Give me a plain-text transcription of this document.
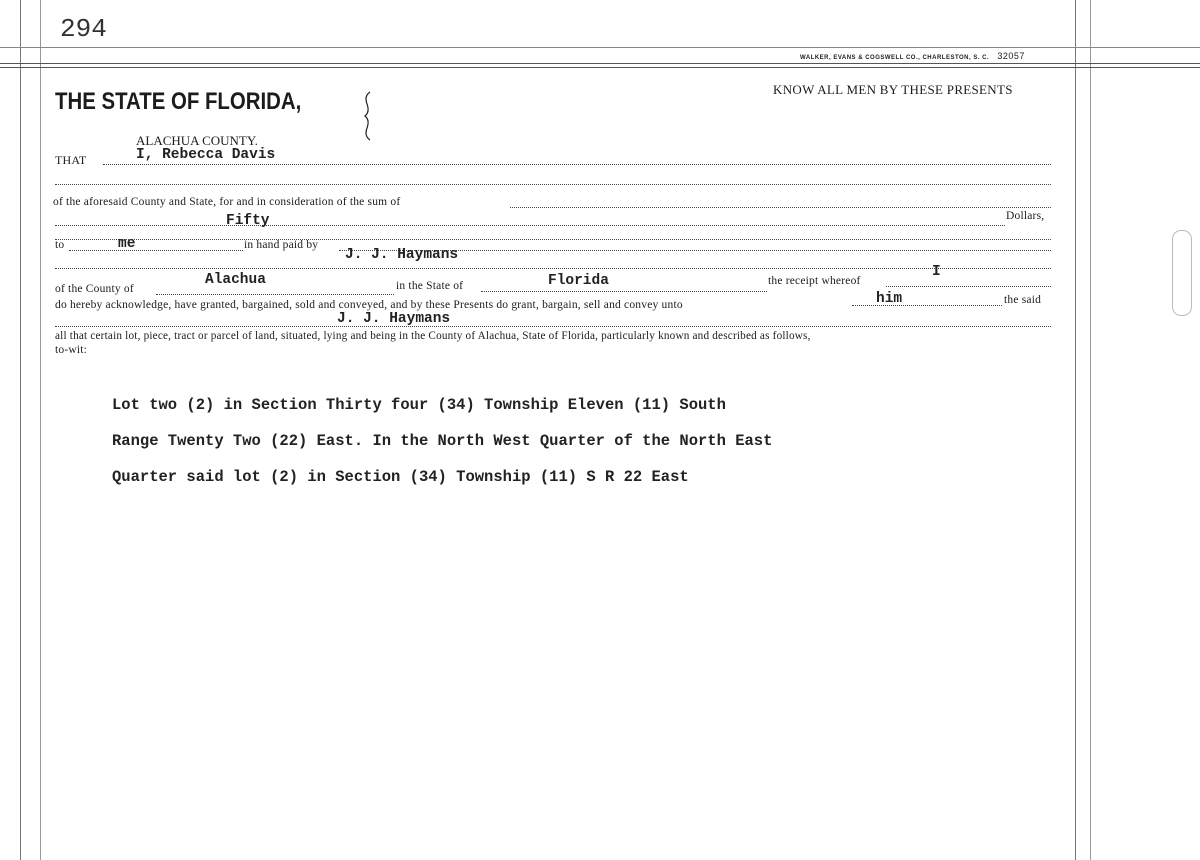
294
WALKER, EVANS & COGSWELL CO., CHARLESTON, S. C. 32057
THE STATE OF FLORIDA,
ALACHUA COUNTY.
KNOW ALL MEN BY THESE PRESENTS
THAT	I, Rebecca Davis
of the aforesaid County and State, for and in consideration of the sum of
Fifty	Dollars,
to	me	in hand paid by
J. J. Haymans
of the County of
Alachua	in the State of	Florida	the receipt whereof
I
do hereby acknowledge, have granted, bargained, sold and conveyed, and by these Presents do grant, bargain, sell and convey unto	him	the said
J. J. Haymans
all that certain lot, piece, tract or parcel of land, situated, lying and being in the County of Alachua, State of Florida, particularly known and described as follows,
to-wit:
Lot two (2) in Section Thirty four (34) Township Eleven (11) South
Range Twenty Two (22) East. In the North West Quarter of the North East
Quarter said lot (2) in Section (34) Township (11) S R 22 East
